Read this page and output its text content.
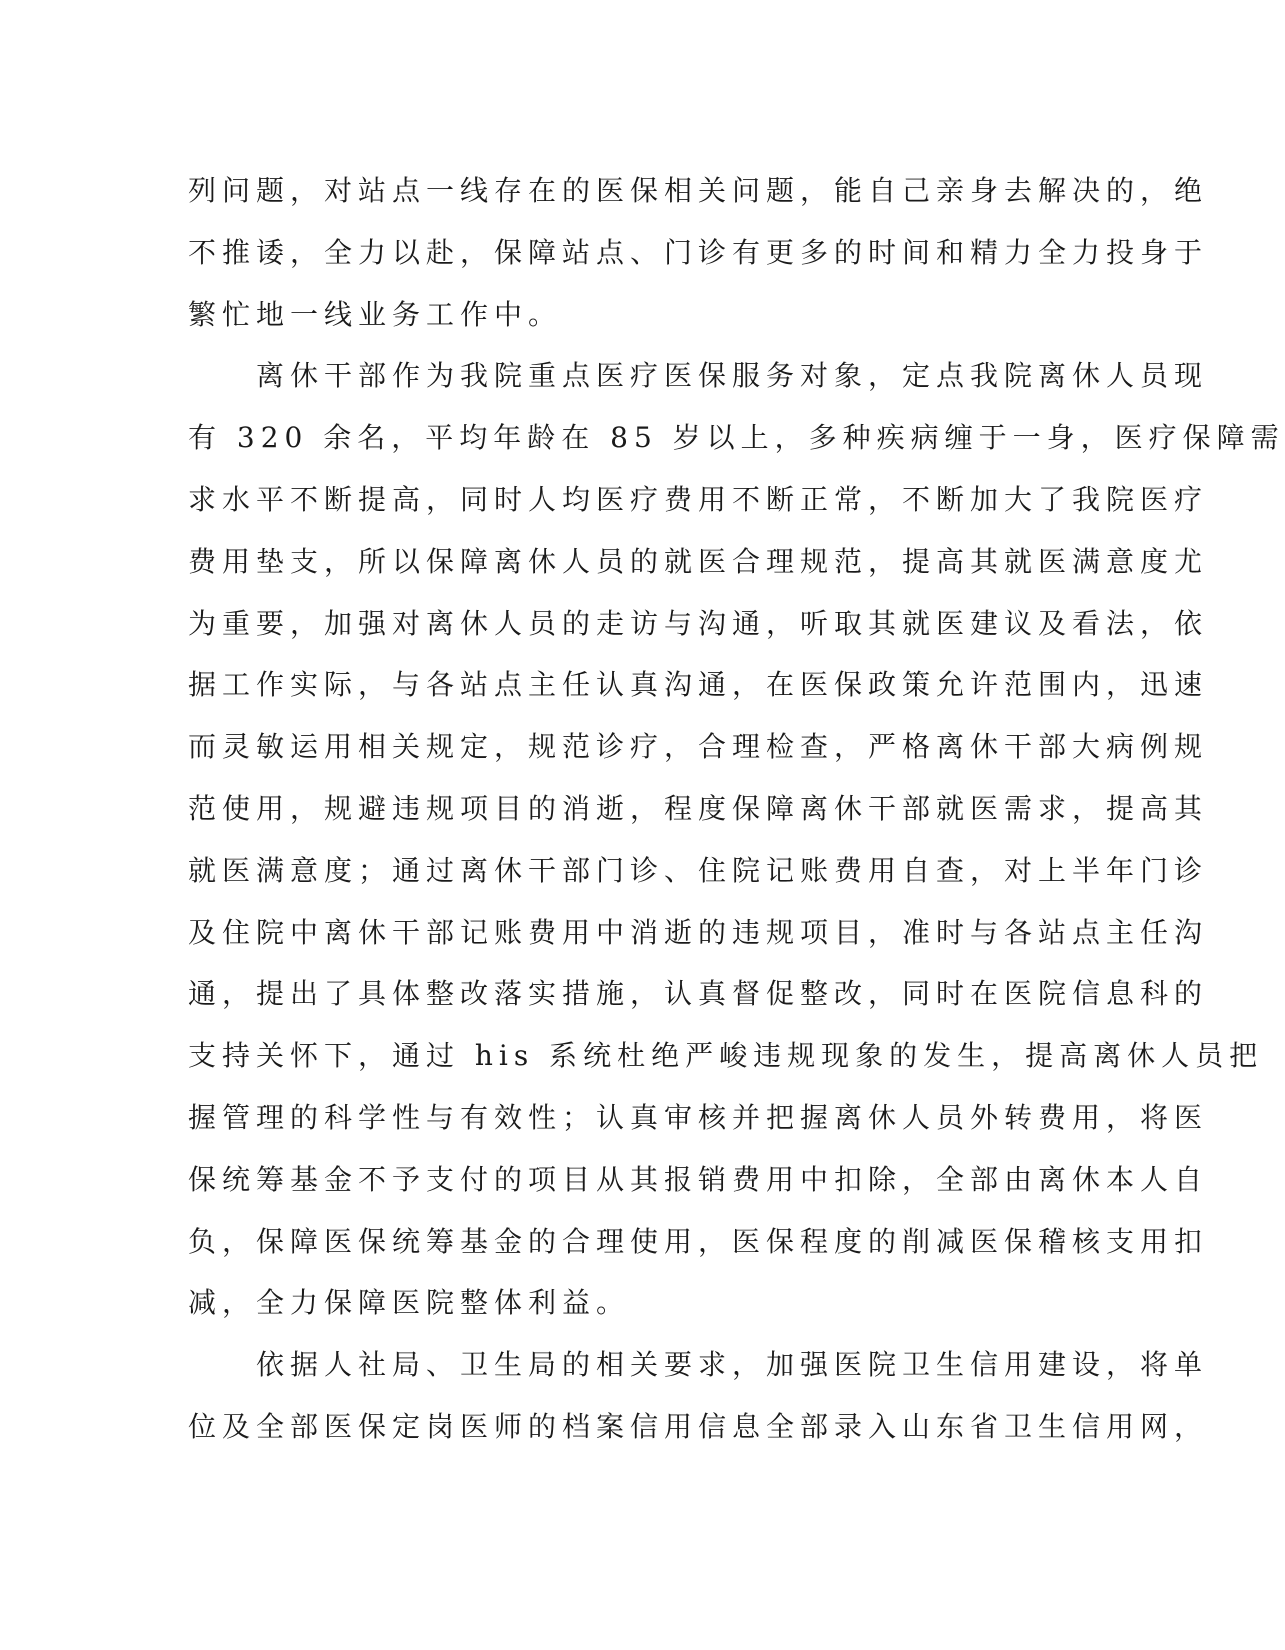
列问题，对站点一线存在的医保相关问题，能自己亲身去解决的，绝
不推诿，全力以赴，保障站点、门诊有更多的时间和精力全力投身于
繁忙地一线业务工作中。
　　离休干部作为我院重点医疗医保服务对象，定点我院离休人员现
有 320 余名，平均年龄在 85 岁以上，多种疾病缠于一身，医疗保障需
求水平不断提高，同时人均医疗费用不断正常，不断加大了我院医疗
费用垫支，所以保障离休人员的就医合理规范，提高其就医满意度尤
为重要，加强对离休人员的走访与沟通，听取其就医建议及看法，依
据工作实际，与各站点主任认真沟通，在医保政策允许范围内，迅速
而灵敏运用相关规定，规范诊疗，合理检查，严格离休干部大病例规
范使用，规避违规项目的消逝，程度保障离休干部就医需求，提高其
就医满意度；通过离休干部门诊、住院记账费用自查，对上半年门诊
及住院中离休干部记账费用中消逝的违规项目，准时与各站点主任沟
通，提出了具体整改落实措施，认真督促整改，同时在医院信息科的
支持关怀下，通过 his 系统杜绝严峻违规现象的发生，提高离休人员把
握管理的科学性与有效性；认真审核并把握离休人员外转费用，将医
保统筹基金不予支付的项目从其报销费用中扣除，全部由离休本人自
负，保障医保统筹基金的合理使用，医保程度的削减医保稽核支用扣
减，全力保障医院整体利益。
　　依据人社局、卫生局的相关要求，加强医院卫生信用建设，将单
位及全部医保定岗医师的档案信用信息全部录入山东省卫生信用网，
